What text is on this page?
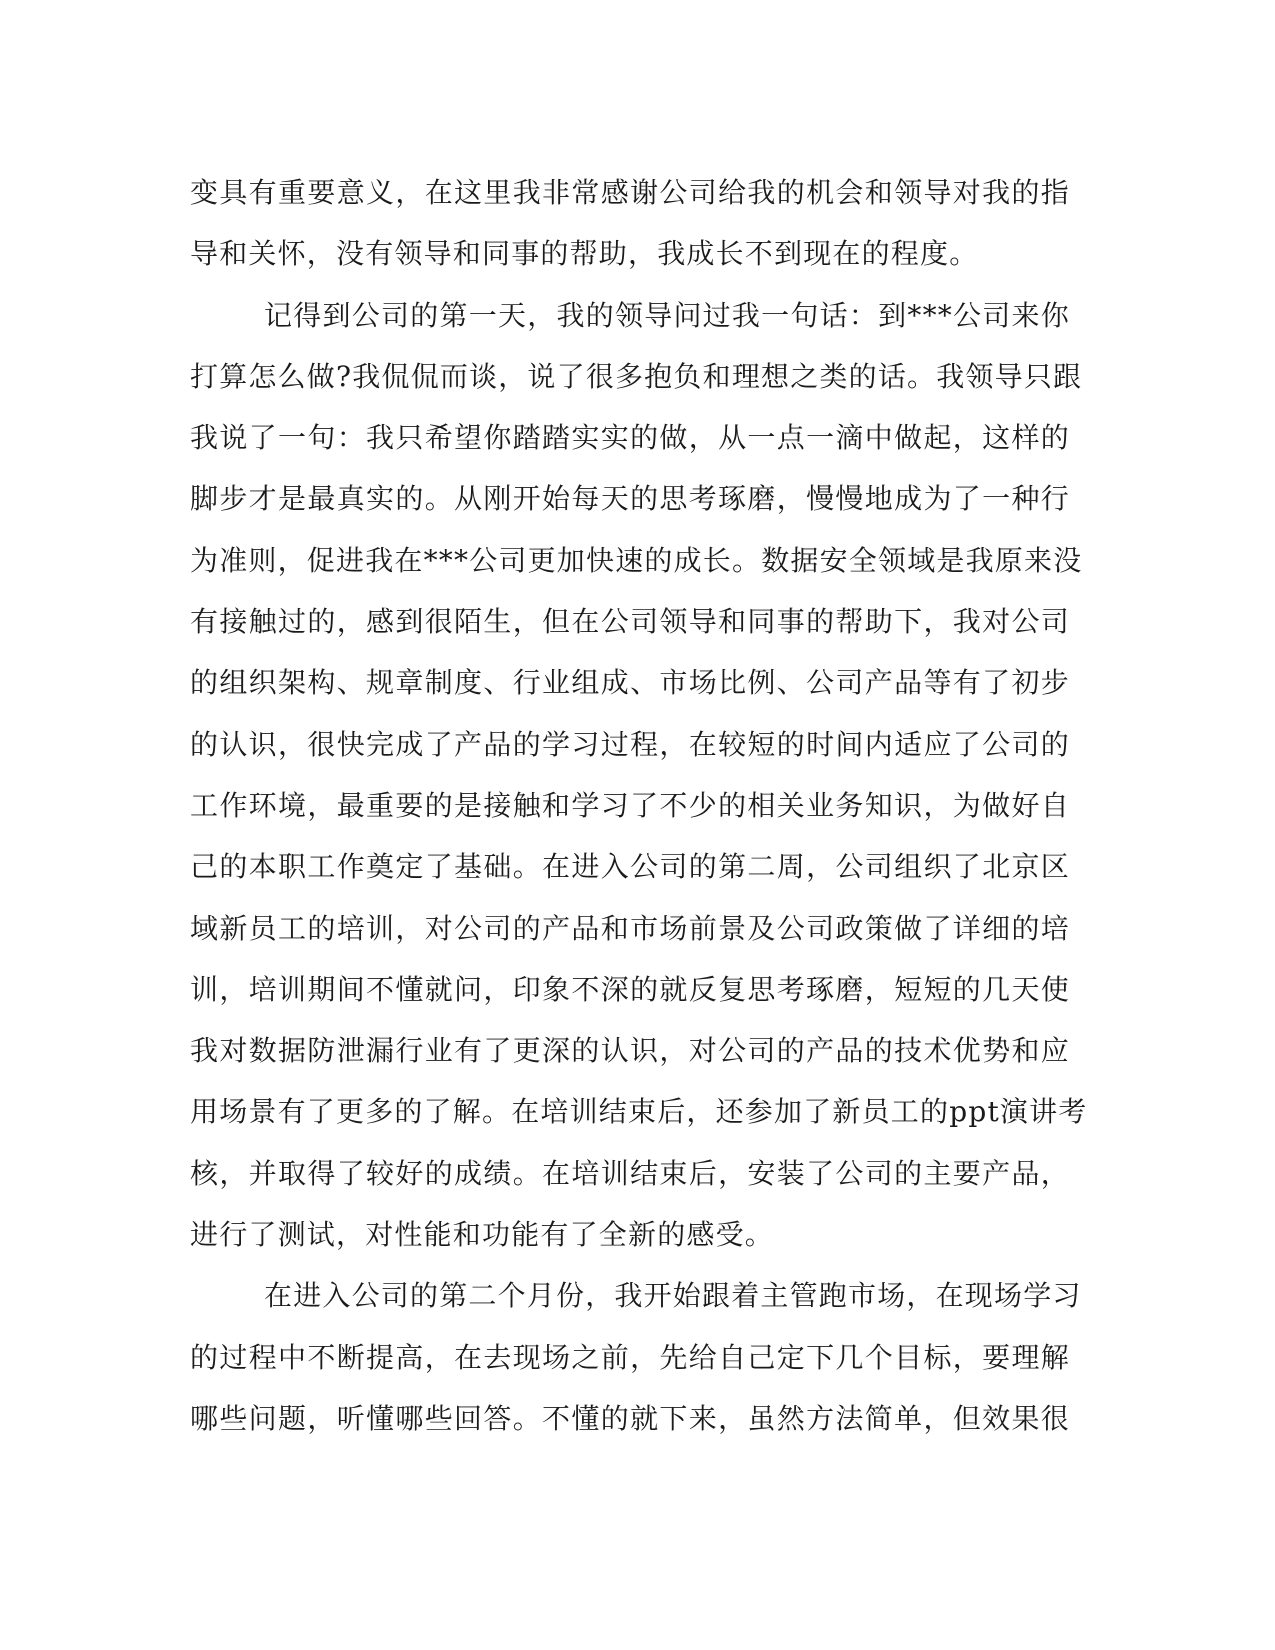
变具有重要意义，在这里我非常感谢公司给我的机会和领导对我的指
导和关怀，没有领导和同事的帮助，我成长不到现在的程度。
记得到公司的第一天，我的领导问过我一句话：到***公司来你
打算怎么做?我侃侃而谈，说了很多抱负和理想之类的话。我领导只跟
我说了一句：我只希望你踏踏实实的做，从一点一滴中做起，这样的
脚步才是最真实的。从刚开始每天的思考琢磨，慢慢地成为了一种行
为准则，促进我在***公司更加快速的成长。数据安全领域是我原来没
有接触过的，感到很陌生，但在公司领导和同事的帮助下，我对公司
的组织架构、规章制度、行业组成、市场比例、公司产品等有了初步
的认识，很快完成了产品的学习过程，在较短的时间内适应了公司的
工作环境，最重要的是接触和学习了不少的相关业务知识，为做好自
己的本职工作奠定了基础。在进入公司的第二周，公司组织了北京区
域新员工的培训，对公司的产品和市场前景及公司政策做了详细的培
训，培训期间不懂就问，印象不深的就反复思考琢磨，短短的几天使
我对数据防泄漏行业有了更深的认识，对公司的产品的技术优势和应
用场景有了更多的了解。在培训结束后，还参加了新员工的ppt演讲考
核，并取得了较好的成绩。在培训结束后，安装了公司的主要产品，
进行了测试，对性能和功能有了全新的感受。
在进入公司的第二个月份，我开始跟着主管跑市场，在现场学习
的过程中不断提高，在去现场之前，先给自己定下几个目标，要理解
哪些问题，听懂哪些回答。不懂的就下来，虽然方法简单，但效果很
